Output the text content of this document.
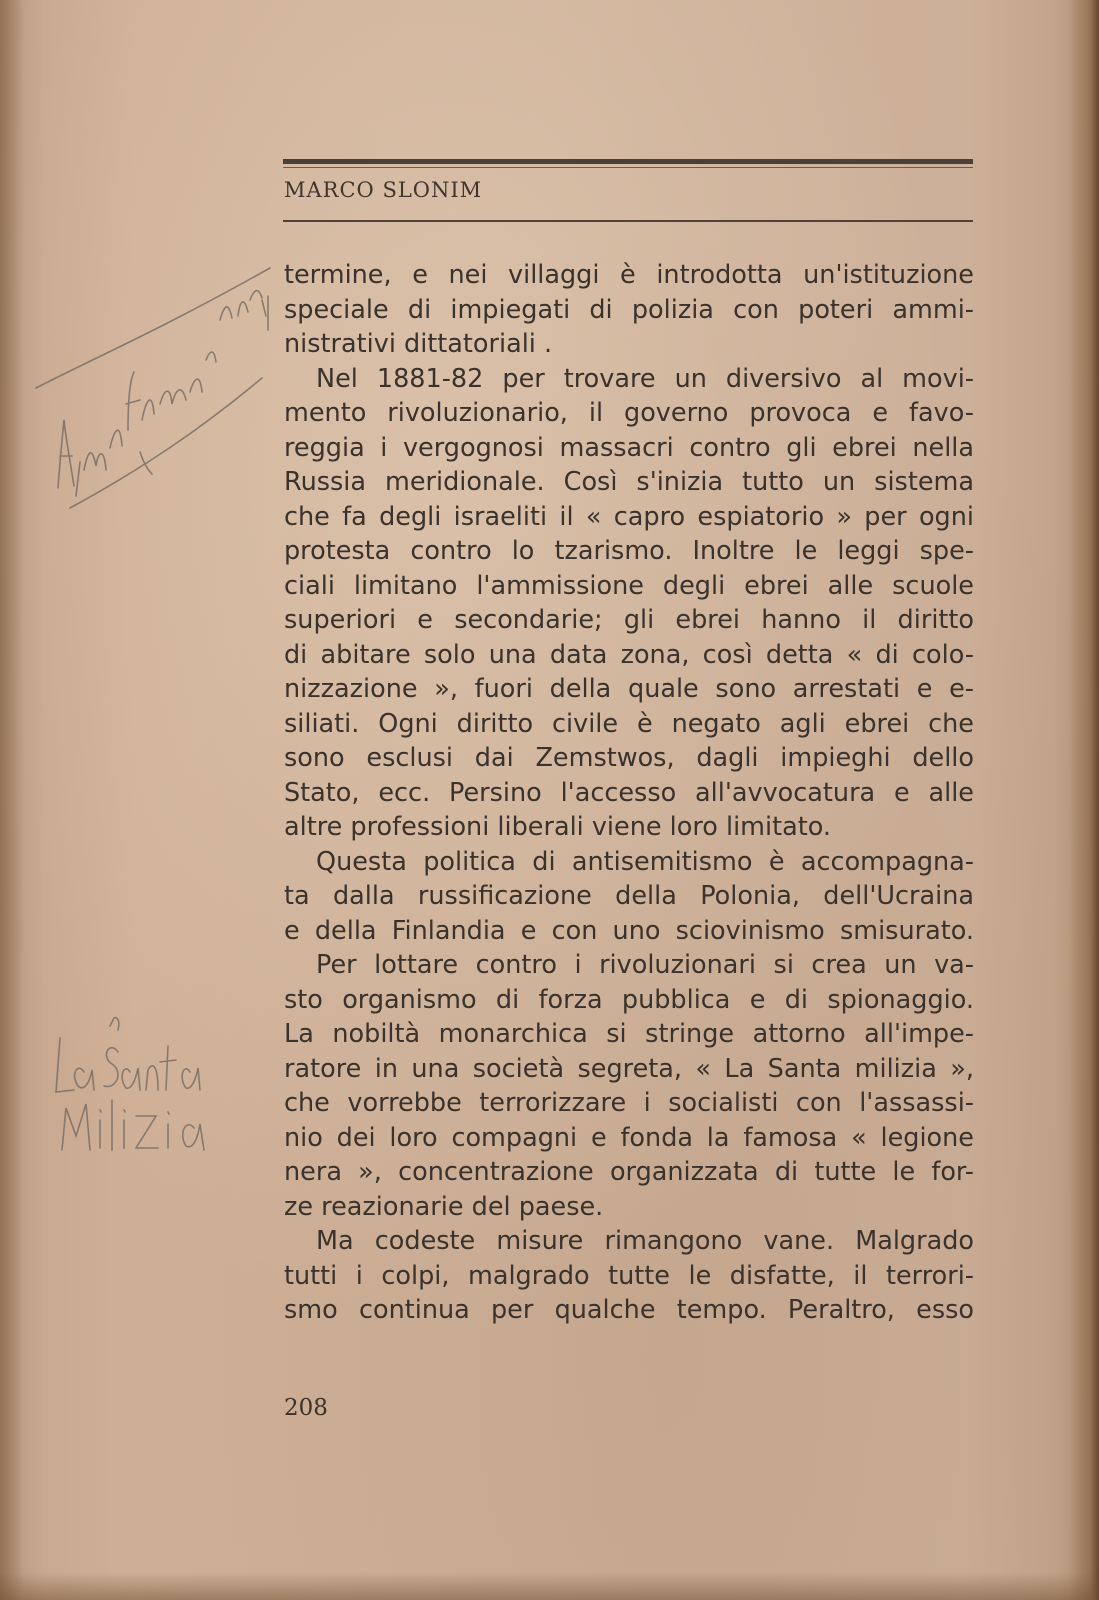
MARCO SLONIM
termine, e nei villaggi è introdotta un'istituzione
speciale di impiegati di polizia con poteri ammi-
nistrativi dittatoriali .
Nel 1881-82 per trovare un diversivo al movi-
mento rivoluzionario, il governo provoca e favo-
reggia i vergognosi massacri contro gli ebrei nella
Russia meridionale. Così s'inizia tutto un sistema
che fa degli israeliti il « capro espiatorio » per ogni
protesta contro lo tzarismo. Inoltre le leggi spe-
ciali limitano l'ammissione degli ebrei alle scuole
superiori e secondarie; gli ebrei hanno il diritto
di abitare solo una data zona, così detta « di colo-
nizzazione », fuori della quale sono arrestati e e-
siliati. Ogni diritto civile è negato agli ebrei che
sono esclusi dai Zemstwos, dagli impieghi dello
Stato, ecc. Persino l'accesso all'avvocatura e alle
altre professioni liberali viene loro limitato.
Questa politica di antisemitismo è accompagna-
ta dalla russificazione della Polonia, dell'Ucraina
e della Finlandia e con uno sciovinismo smisurato.
Per lottare contro i rivoluzionari si crea un va-
sto organismo di forza pubblica e di spionaggio.
La nobiltà monarchica si stringe attorno all'impe-
ratore in una società segreta, « La Santa milizia »,
che vorrebbe terrorizzare i socialisti con l'assassi-
nio dei loro compagni e fonda la famosa « legione
nera », concentrazione organizzata di tutte le for-
ze reazionarie del paese.
Ma codeste misure rimangono vane. Malgrado
tutti i colpi, malgrado tutte le disfatte, il terrori-
smo continua per qualche tempo. Peraltro, esso
208
